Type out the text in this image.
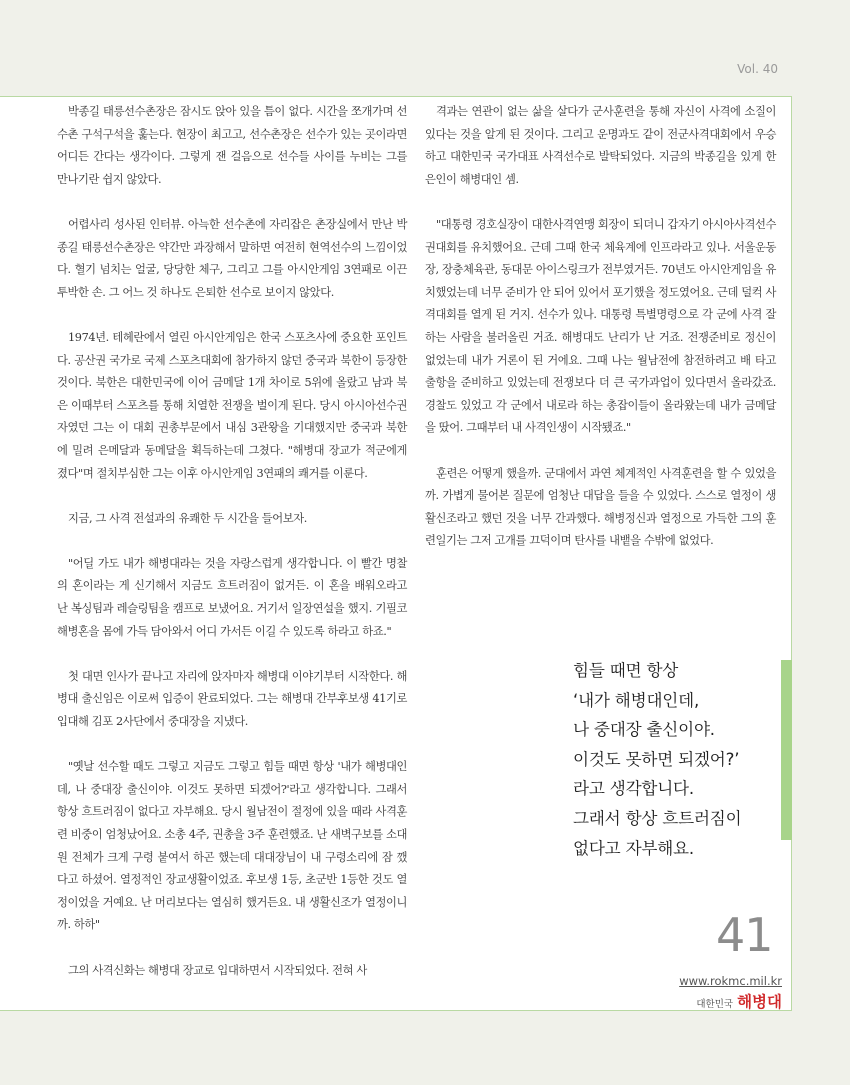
Vol. 40

박종길 태릉선수촌장은 잠시도 앉아 있을 틈이 없다. 시간을 쪼개가며 선수촌 구석구석을 훑는다. 현장이 최고고, 선수촌장은 선수가 있는 곳이라면 어디든 간다는 생각이다. 그렇게 잰 걸음으로 선수들 사이를 누비는 그를 만나기란 쉽지 않았다.

어렵사리 성사된 인터뷰. 아늑한 선수촌에 자리잡은 촌장실에서 만난 박종길 태릉선수촌장은 약간만 과장해서 말하면 여전히 현역선수의 느낌이었다. 혈기 넘치는 얼굴, 당당한 체구, 그리고 그를 아시안게임 3연패로 이끈 투박한 손. 그 어느 것 하나도 은퇴한 선수로 보이지 않았다.

1974년. 테헤란에서 열린 아시안게임은 한국 스포츠사에 중요한 포인트다. 공산권 국가로 국제 스포츠대회에 참가하지 않던 중국과 북한이 등장한 것이다. 북한은 대한민국에 이어 금메달 1개 차이로 5위에 올랐고 남과 북은 이때부터 스포츠를 통해 치열한 전쟁을 벌이게 된다. 당시 아시아선수권자였던 그는 이 대회 권총부문에서 내심 3관왕을 기대했지만 중국과 북한에 밀려 은메달과 동메달을 획득하는데 그쳤다. "해병대 장교가 적군에게 졌다"며 절치부심한 그는 이후 아시안게임 3연패의 쾌거를 이룬다.

지금, 그 사격 전설과의 유쾌한 두 시간을 들어보자.

"어딜 가도 내가 해병대라는 것을 자랑스럽게 생각합니다. 이 빨간 명찰의 혼이라는 게 신기해서 지금도 흐트러짐이 없거든. 이 혼을 배워오라고 난 복싱팀과 레슬링팀을 캠프로 보냈어요. 거기서 일장연설을 했지. 기필코 해병혼을 몸에 가득 담아와서 어디 가서든 이길 수 있도록 하라고 하죠."

첫 대면 인사가 끝나고 자리에 앉자마자 해병대 이야기부터 시작한다. 해병대 출신임은 이로써 입증이 완료되었다. 그는 해병대 간부후보생 41기로 입대해 김포 2사단에서 중대장을 지냈다.

"옛날 선수할 때도 그렇고 지금도 그렇고 힘들 때면 항상 '내가 해병대인데, 나 중대장 출신이야. 이것도 못하면 되겠어?'라고 생각합니다. 그래서 항상 흐트러짐이 없다고 자부해요. 당시 월남전이 절정에 있을 때라 사격훈련 비중이 엄청났어요. 소총 4주, 권총을 3주 훈련했죠. 난 새벽구보를 소대원 전체가 크게 구령 붙여서 하곤 했는데 대대장님이 내 구령소리에 잠 깼다고 하셨어. 열정적인 장교생활이었죠. 후보생 1등, 초군반 1등한 것도 열정이었을 거예요. 난 머리보다는 열심히 했거든요. 내 생활신조가 열정이니까. 하하"

그의 사격신화는 해병대 장교로 입대하면서 시작되었다. 전혀 사

격과는 연관이 없는 삶을 살다가 군사훈련을 통해 자신이 사격에 소질이 있다는 것을 알게 된 것이다. 그리고 운명과도 같이 전군사격대회에서 우승하고 대한민국 국가대표 사격선수로 발탁되었다. 지금의 박종길을 있게 한 은인이 해병대인 셈.

"대통령 경호실장이 대한사격연맹 회장이 되더니 갑자기 아시아사격선수권대회를 유치했어요. 근데 그때 한국 체육계에 인프라라고 있나. 서울운동장, 장충체육관, 동대문 아이스링크가 전부였거든. 70년도 아시안게임을 유치했었는데 너무 준비가 안 되어 있어서 포기했을 정도였어요. 근데 덜컥 사격대회를 열게 된 거지. 선수가 있나. 대통령 특별명령으로 각 군에 사격 잘하는 사람을 불러올린 거죠. 해병대도 난리가 난 거죠. 전쟁준비로 정신이 없었는데 내가 거론이 된 거에요. 그때 나는 월남전에 참전하려고 배 타고 출항을 준비하고 있었는데 전쟁보다 더 큰 국가과업이 있다면서 올라갔죠. 경찰도 있었고 각 군에서 내로라 하는 총잡이들이 올라왔는데 내가 금메달을 땄어. 그때부터 내 사격인생이 시작됐죠."

훈련은 어떻게 했을까. 군대에서 과연 체계적인 사격훈련을 할 수 있었을까. 가볍게 물어본 질문에 엄청난 대답을 들을 수 있었다. 스스로 열정이 생활신조라고 했던 것을 너무 간과했다. 해병정신과 열정으로 가득한 그의 훈련일기는 그저 고개를 끄덕이며 탄사를 내뱉을 수밖에 없었다.

힘들 때면 항상
‘내가 해병대인데,
나 중대장 출신이야.
이것도 못하면 되겠어?’
라고 생각합니다.
그래서 항상 흐트러짐이
없다고 자부해요.
41
www.rokmc.mil.kr
대한민국 해병대
